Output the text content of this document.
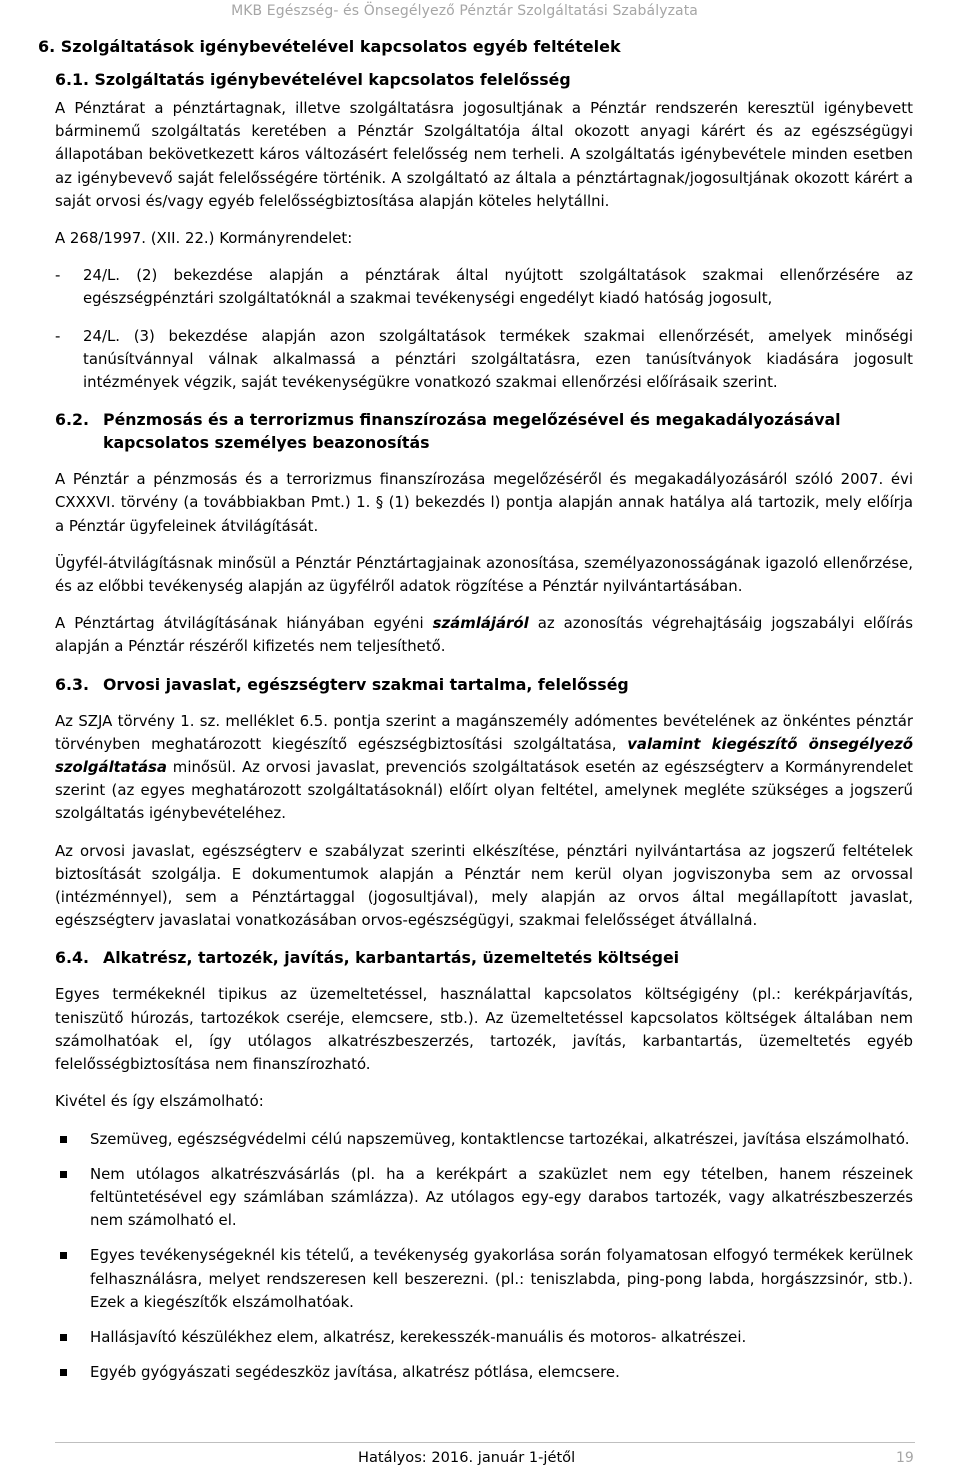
MKB Egészség- és Önsegélyező Pénztár Szolgáltatási Szabályzata
6. Szolgáltatások igénybevételével kapcsolatos egyéb feltételek
6.1. Szolgáltatás igénybevételével kapcsolatos felelősség

A Pénztárat a pénztártagnak, illetve szolgáltatásra jogosultjának a Pénztár rendszerén keresztül igénybevett bárminemű szolgáltatás keretében a Pénztár Szolgáltatója által okozott anyagi kárért és az egészségügyi állapotában bekövetkezett káros változásért felelősség nem terheli. A szolgáltatás igénybevétele minden esetben az igénybevevő saját felelősségére történik. A szolgáltató az általa a pénztártagnak/jogosultjának okozott kárért a saját orvosi és/vagy egyéb felelősségbiztosítása alapján köteles helytállni.

A 268/1997. (XII. 22.) Kormányrendelet:

- 24/L. (2) bekezdése alapján a pénztárak által nyújtott szolgáltatások szakmai ellenőrzésére az egészségpénztári szolgáltatóknál a szakmai tevékenységi engedélyt kiadó hatóság jogosult,
- 24/L. (3) bekezdése alapján azon szolgáltatások termékek szakmai ellenőrzését, amelyek minőségi tanúsítvánnyal válnak alkalmassá a pénztári szolgáltatásra, ezen tanúsítványok kiadására jogosult intézmények végzik, saját tevékenységükre vonatkozó szakmai ellenőrzési előírásaik szerint.
6.2. Pénzmosás és a terrorizmus finanszírozása megelőzésével és megakadályozásával kapcsolatos személyes beazonosítás

A Pénztár a pénzmosás és a terrorizmus finanszírozása megelőzéséről és megakadályozásáról szóló 2007. évi CXXXVI. törvény (a továbbiakban Pmt.) 1. § (1) bekezdés l) pontja alapján annak hatálya alá tartozik, mely előírja a Pénztár ügyfeleinek átvilágítását.

Ügyfél-átvilágításnak minősül a Pénztár Pénztártagjainak azonosítása, személyazonosságának igazoló ellenőrzése, és az előbbi tevékenység alapján az ügyfélről adatok rögzítése a Pénztár nyilvántartásában.

A Pénztártag átvilágításának hiányában egyéni számlájáról az azonosítás végrehajtásáig jogszabályi előírás alapján a Pénztár részéről kifizetés nem teljesíthető.

6.3. Orvosi javaslat, egészségterv szakmai tartalma, felelősség

Az SZJA törvény 1. sz. melléklet 6.5. pontja szerint a magánszemély adómentes bevételének az önkéntes pénztár törvényben meghatározott kiegészítő egészségbiztosítási szolgáltatása, valamint kiegészítő önsegélyező szolgáltatása minősül. Az orvosi javaslat, prevenciós szolgáltatások esetén az egészségterv a Kormányrendelet szerint (az egyes meghatározott szolgáltatásoknál) előírt olyan feltétel, amelynek megléte szükséges a jogszerű szolgáltatás igénybevételéhez.

Az orvosi javaslat, egészségterv e szabályzat szerinti elkészítése, pénztári nyilvántartása az jogszerű feltételek biztosítását szolgálja. E dokumentumok alapján a Pénztár nem kerül olyan jogviszonyba sem az orvossal (intézménnyel), sem a Pénztártaggal (jogosultjával), mely alapján az orvos által megállapított javaslat, egészségterv javaslatai vonatkozásában orvos-egészségügyi, szakmai felelősséget átvállalná.

6.4. Alkatrész, tartozék, javítás, karbantartás, üzemeltetés költségei

Egyes termékeknél tipikus az üzemeltetéssel, használattal kapcsolatos költségigény (pl.: kerékpárjavítás, teniszütő húrozás, tartozékok cseréje, elemcsere, stb.). Az üzemeltetéssel kapcsolatos költségek általában nem számolhatóak el, így utólagos alkatrészbeszerzés, tartozék, javítás, karbantartás, üzemeltetés egyéb felelősségbiztosítása nem finanszírozható.

Kivétel és így elszámolható:

Szemüveg, egészségvédelmi célú napszemüveg, kontaktlencse tartozékai, alkatrészei, javítása elszámolható.
Nem utólagos alkatrészvásárlás (pl. ha a kerékpárt a szaküzlet nem egy tételben, hanem részeinek feltüntetésével egy számlában számlázza). Az utólagos egy-egy darabos tartozék, vagy alkatrészbeszerzés nem számolható el.
Egyes tevékenységeknél kis tételű, a tevékenység gyakorlása során folyamatosan elfogyó termékek kerülnek felhasználásra, melyet rendszeresen kell beszerezni. (pl.: teniszlabda, ping-pong labda, horgászzsinór, stb.). Ezek a kiegészítők elszámolhatóak.
Hallásjavító készülékhez elem, alkatrész, kerekesszék-manuális és motoros- alkatrészei.
Egyéb gyógyászati segédeszköz javítása, alkatrész pótlása, elemcsere.
Hatályos: 2016. január 1-jétől	19
